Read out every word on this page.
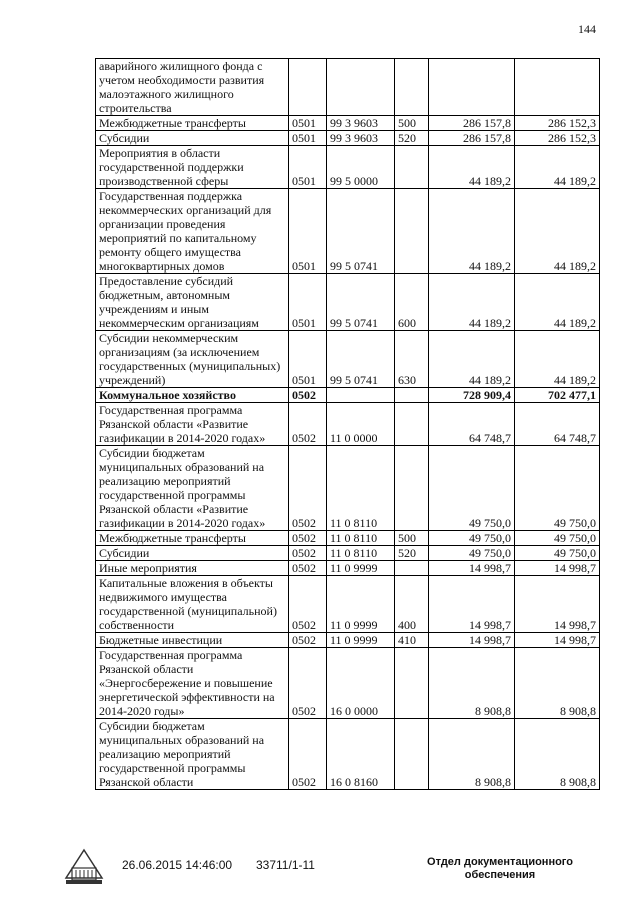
144
аварийного жилищного фонда с учетом необходимости развития малоэтажного жилищного строительства					
Межбюджетные трансферты	0501	99 3 9603	500	286 157,8	286 152,3
Субсидии	0501	99 3 9603	520	286 157,8	286 152,3
Мероприятия в области государственной поддержки производственной сферы	0501	99 5 0000		44 189,2	44 189,2
Государственная поддержка некоммерческих организаций для организации проведения мероприятий по капитальному ремонту общего имущества многоквартирных домов	0501	99 5 0741		44 189,2	44 189,2
Предоставление субсидий бюджетным, автономным учреждениям и иным некоммерческим организациям	0501	99 5 0741	600	44 189,2	44 189,2
Субсидии некоммерческим организациям (за исключением государственных (муниципальных) учреждений)	0501	99 5 0741	630	44 189,2	44 189,2
Коммунальное хозяйство	0502			728 909,4	702 477,1
Государственная программа Рязанской области «Развитие газификации в 2014-2020 годах»	0502	11 0 0000		64 748,7	64 748,7
Субсидии бюджетам муниципальных образований на реализацию мероприятий государственной программы Рязанской области «Развитие газификации в 2014-2020 годах»	0502	11 0 8110		49 750,0	49 750,0
Межбюджетные трансферты	0502	11 0 8110	500	49 750,0	49 750,0
Субсидии	0502	11 0 8110	520	49 750,0	49 750,0
Иные мероприятия	0502	11 0 9999		14 998,7	14 998,7
Капитальные вложения в объекты недвижимого имущества государственной (муниципальной) собственности	0502	11 0 9999	400	14 998,7	14 998,7
Бюджетные инвестиции	0502	11 0 9999	410	14 998,7	14 998,7
Государственная программа Рязанской области «Энергосбережение и повышение энергетической эффективности на 2014-2020 годы»	0502	16 0 0000		8 908,8	8 908,8
Субсидии бюджетам муниципальных образований на реализацию мероприятий государственной программы Рязанской области	0502	16 0 8160		8 908,8	8 908,8
26.06.2015 14:46:00 33711/1-11	Отдел документационного обеспечения
